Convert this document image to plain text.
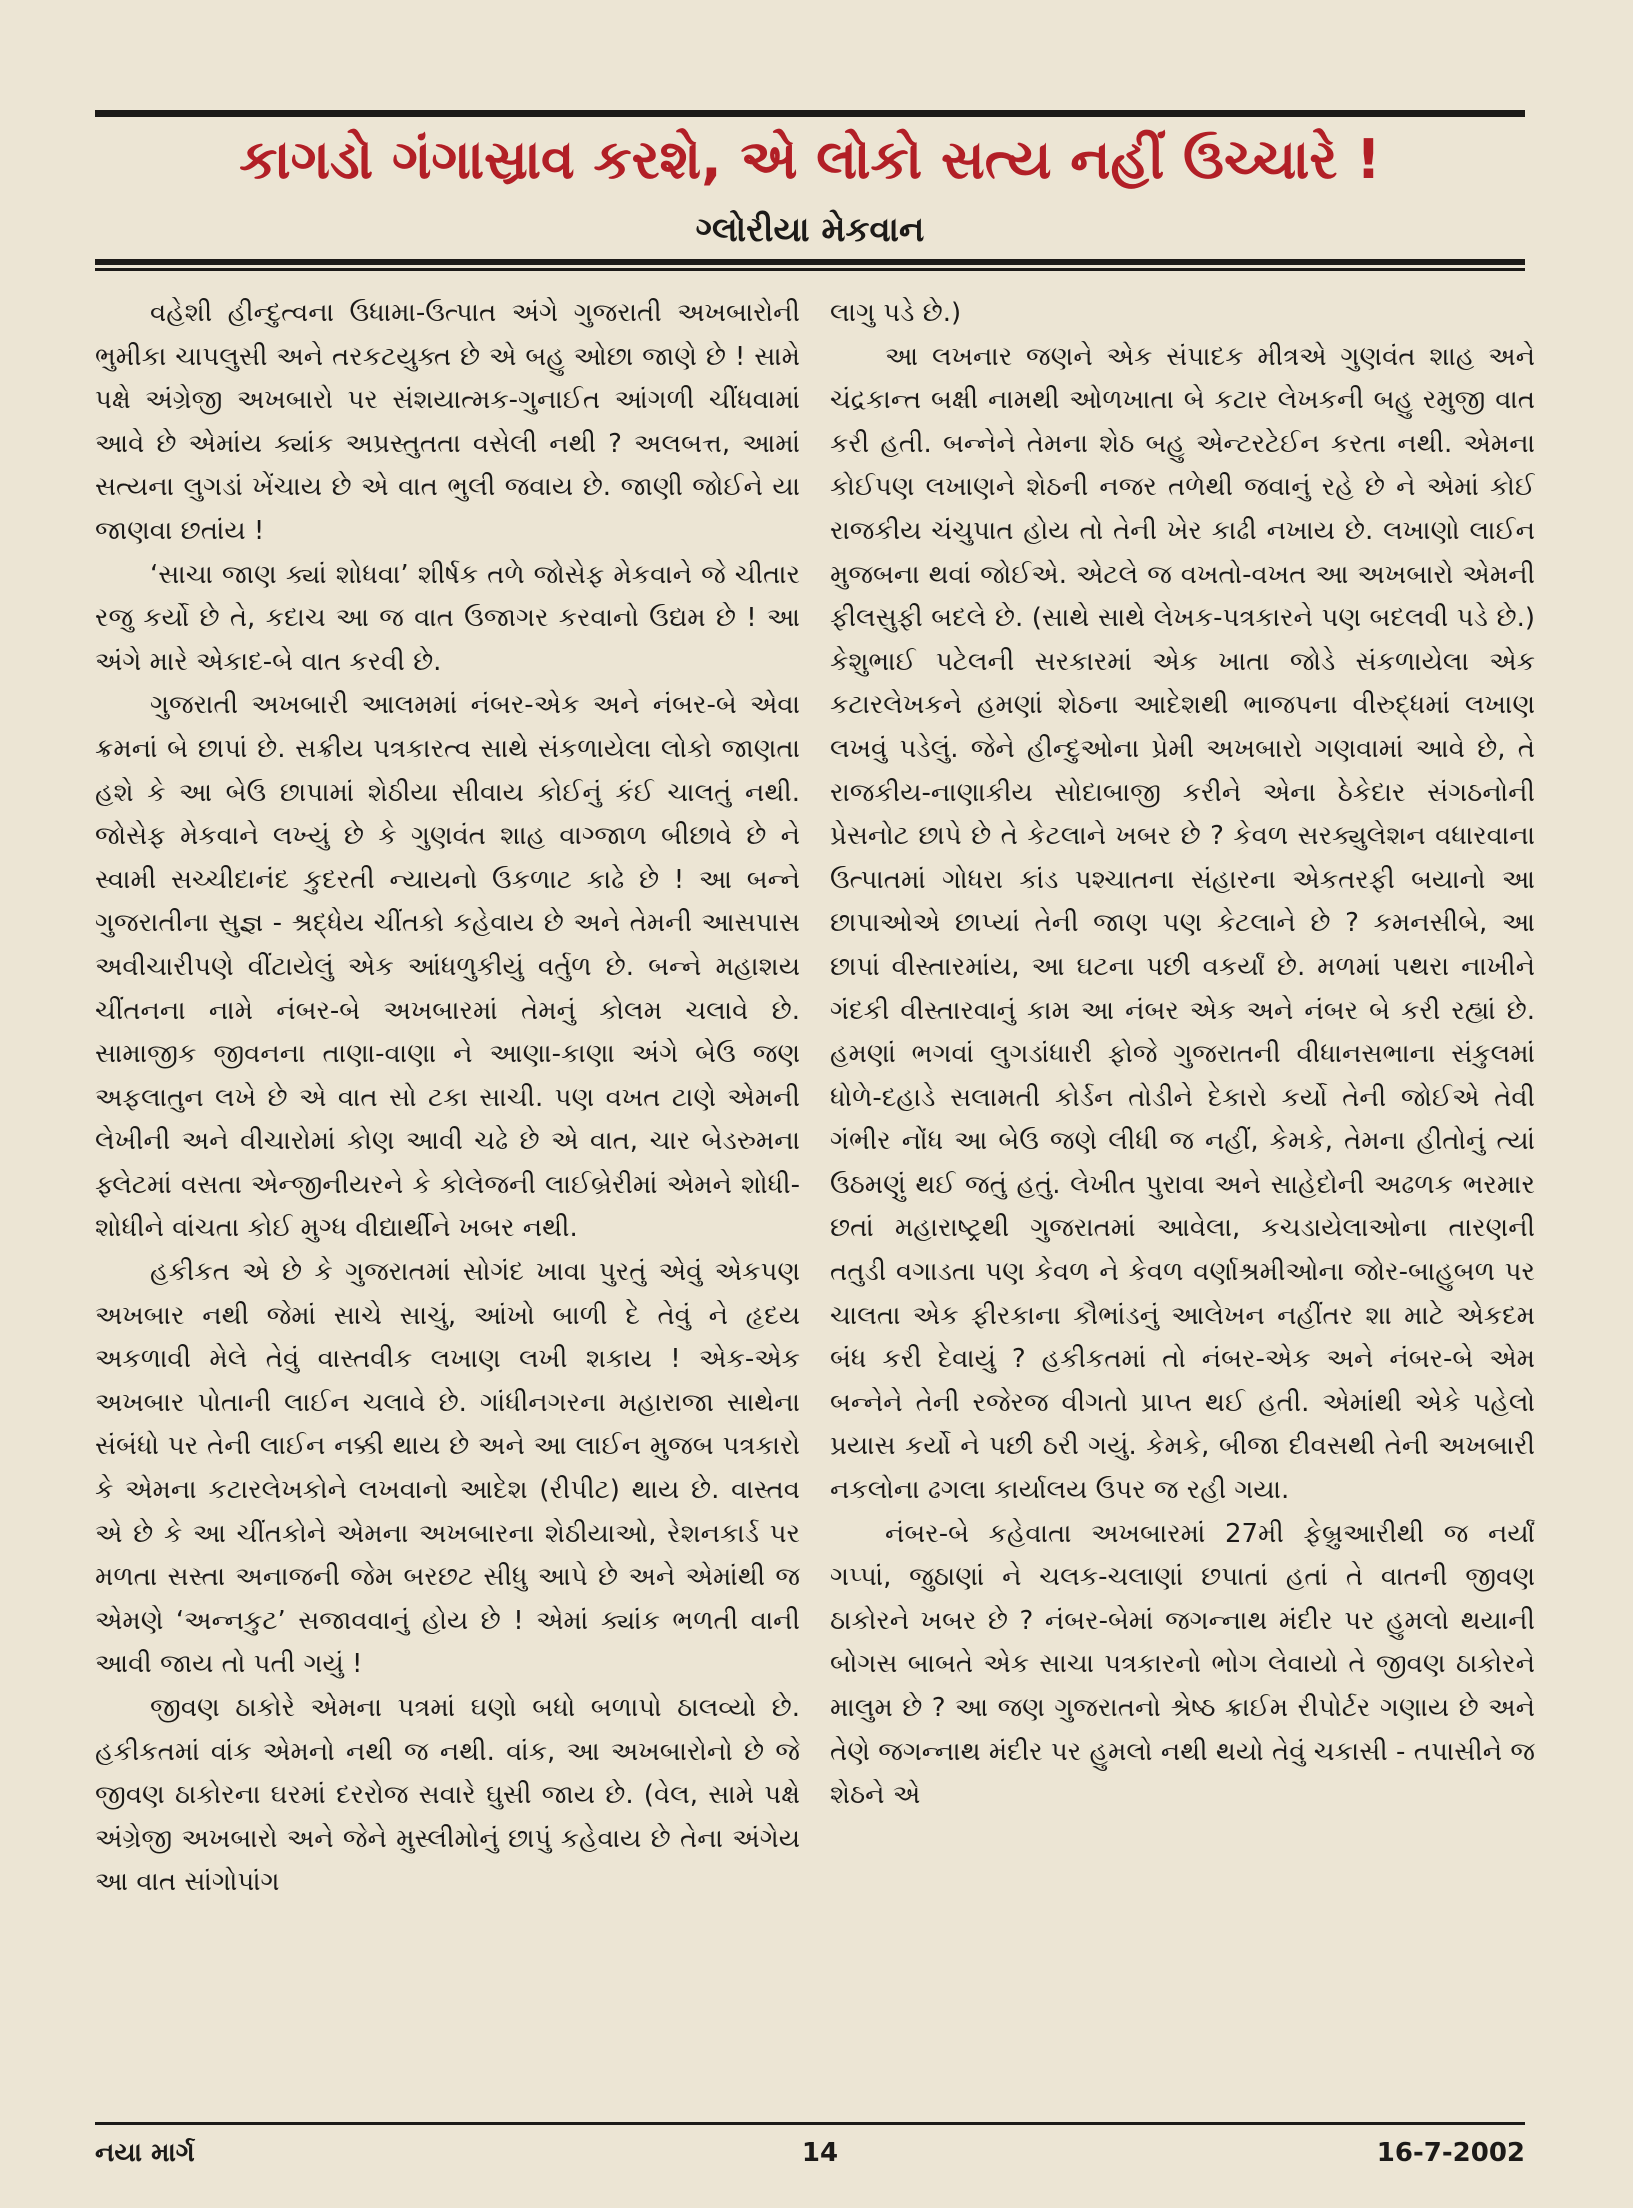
કાગડો ગંગાસ્રાવ કરશે, એ લોકો સત્ય નહીં ઉચ્ચારે !
ગ્લોરીયા મેકવાન

વહેશી હીન્દુત્વના ઉધામા-ઉત્પાત અંગે ગુજરાતી અખબારોની ભુમીકા ચાપલુસી અને તરકટયુક્ત છે એ બહુ ઓછા જાણે છે ! સામે પક્ષે અંગ્રેજી અખબારો પર સંશયાત્મક-ગુનાઈત આંગળી ચીંધવામાં આવે છે એમાંય ક્યાંક અપ્રસ્તુતતા વસેલી નથી ? અલબત્ત, આમાં સત્યના લુગડાં ખેંચાય છે એ વાત ભુલી જવાય છે. જાણી જોઈને યા જાણવા છતાંય !

‘સાચા જાણ ક્યાં શોધવા’ શીર્ષક તળે જોસેફ મેકવાને જે ચીતાર રજુ કર્યો છે તે, કદાચ આ જ વાત ઉજાગર કરવાનો ઉદ્યમ છે ! આ અંગે મારે એકાદ-બે વાત કરવી છે.

ગુજરાતી અખબારી આલમમાં નંબર-એક અને નંબર-બે એવા ક્રમનાં બે છાપાં છે. સક્રીય પત્રકારત્વ સાથે સંકળાયેલા લોકો જાણતા હશે કે આ બેઉ છાપામાં શેઠીયા સીવાય કોઈનું કંઈ ચાલતું નથી. જોસેફ મેકવાને લખ્યું છે કે ગુણવંત શાહ વાગ્જાળ બીછાવે છે ને સ્વામી સચ્ચીદાનંદ કુદરતી ન્યાયનો ઉકળાટ કાઢે છે ! આ બન્ને ગુજરાતીના સુજ્ઞ - શ્રદ્ધેય ચીંતકો કહેવાય છે અને તેમની આસપાસ અવીચારીપણે વીંટાયેલું એક આંધળુકીયું વર્તુળ છે. બન્ને મહાશય ચીંતનના નામે નંબર-બે અખબારમાં તેમનું કોલમ ચલાવે છે. સામાજીક જીવનના તાણા-વાણા ને આણા-કાણા અંગે બેઉ જણ અફલાતુન લખે છે એ વાત સો ટકા સાચી. પણ વખત ટાણે એમની લેખીની અને વીચારોમાં કોણ આવી ચઢે છે એ વાત, ચાર બેડરુમના ફ્લેટમાં વસતા એન્જીનીયરને કે કોલેજની લાઈબ્રેરીમાં એમને શોધી- શોધીને વાંચતા કોઈ મુગ્ધ વીદ્યાર્થીને ખબર નથી.

હકીકત એ છે કે ગુજરાતમાં સોગંદ ખાવા પુરતું એવું એકપણ અખબાર નથી જેમાં સાચે સાચું, આંખો બાળી દે તેવું ને હૃદય અકળાવી મેલે તેવું વાસ્તવીક લખાણ લખી શકાય ! એક-એક અખબાર પોતાની લાઈન ચલાવે છે. ગાંધીનગરના મહારાજા સાથેના સંબંધો પર તેની લાઈન નક્કી થાય છે અને આ લાઈન મુજબ પત્રકારો કે એમના કટારલેખકોને લખવાનો આદેશ (રીપીટ) થાય છે. વાસ્તવ એ છે કે આ ચીંતકોને એમના અખબારના શેઠીયાઓ, રેશનકાર્ડ પર મળતા સસ્તા અનાજની જેમ બરછટ સીધુ આપે છે અને એમાંથી જ એમણે ‘અન્નકુટ’ સજાવવાનું હોય છે ! એમાં ક્યાંક ભળતી વાની આવી જાય તો પતી ગયું !

જીવણ ઠાકોરે એમના પત્રમાં ઘણો બધો બળાપો ઠાલવ્યો છે. હકીકતમાં વાંક એમનો નથી જ નથી. વાંક, આ અખબારોનો છે જે જીવણ ઠાકોરના ઘરમાં દરરોજ સવારે ઘુસી જાય છે. (વેલ, સામે પક્ષે અંગ્રેજી અખબારો અને જેને મુસ્લીમોનું છાપું કહેવાય છે તેના અંગેય આ વાત સાંગોપાંગ

લાગુ પડે છે.)

આ લખનાર જણને એક સંપાદક મીત્રએ ગુણવંત શાહ અને ચંદ્રકાન્ત બક્ષી નામથી ઓળખાતા બે કટાર લેખકની બહુ રમુજી વાત કરી હતી. બન્નેને તેમના શેઠ બહુ એન્ટરટેઈન કરતા નથી. એમના કોઈપણ લખાણને શેઠની નજર તળેથી જવાનું રહે છે ને એમાં કોઈ રાજકીય ચંચુપાત હોય તો તેની ખેર કાઢી નખાય છે. લખાણો લાઈન મુજબના થવાં જોઈએ. એટલે જ વખતો-વખત આ અખબારો એમની ફીલસુફી બદલે છે. (સાથે સાથે લેખક-પત્રકારને પણ બદલવી પડે છે.) કેશુભાઈ પટેલની સરકારમાં એક ખાતા જોડે સંકળાયેલા એક કટારલેખકને હમણાં શેઠના આદેશથી ભાજપના વીરુદ્ધમાં લખાણ લખવું પડેલું. જેને હીન્દુઓના પ્રેમી અખબારો ગણવામાં આવે છે, તે રાજકીય-નાણાકીય સોદાબાજી કરીને એના ઠેકેદાર સંગઠનોની પ્રેસનોટ છાપે છે તે કેટલાને ખબર છે ? કેવળ સરક્યુલેશન વધારવાના ઉત્પાતમાં ગોધરા કાંડ પશ્ચાતના સંહારના એકતરફી બયાનો આ છાપાઓએ છાપ્યાં તેની જાણ પણ કેટલાને છે ? કમનસીબે, આ છાપાં વીસ્તારમાંય, આ ઘટના પછી વકર્યાં છે. મળમાં પથરા નાખીને ગંદકી વીસ્તારવાનું કામ આ નંબર એક અને નંબર બે કરી રહ્યાં છે. હમણાં ભગવાં લુગડાંધારી ફોજે ગુજરાતની વીધાનસભાના સંકુલમાં ધોળે-દહાડે સલામતી કોર્ડન તોડીને દેકારો કર્યો તેની જોઈએ તેવી ગંભીર નોંધ આ બેઉ જણે લીધી જ નહીં, કેમકે, તેમના હીતોનું ત્યાં ઉઠમણું થઈ જતું હતું. લેખીત પુરાવા અને સાહેદોની અઢળક ભરમાર છતાં મહારાષ્ટ્રથી ગુજરાતમાં આવેલા, કચડાયેલાઓના તારણની તતુડી વગાડતા પણ કેવળ ને કેવળ વર્ણાશ્રમીઓના જોર-બાહુબળ પર ચાલતા એક ફીરકાના કૌભાંડનું આલેખન નહીંતર શા માટે એકદમ બંધ કરી દેવાયું ? હકીકતમાં તો નંબર-એક અને નંબર-બે એમ બન્નેને તેની રજેરજ વીગતો પ્રાપ્ત થઈ હતી. એમાંથી એકે પહેલો પ્રયાસ કર્યો ને પછી ઠરી ગયું. કેમકે, બીજા દીવસથી તેની અખબારી નકલોના ઢગલા કાર્યાલય ઉપર જ રહી ગયા.

નંબર-બે કહેવાતા અખબારમાં 27મી ફેબ્રુઆરીથી જ નર્યાં ગપ્પાં, જુઠાણાં ને ચલક-ચલાણાં છપાતાં હતાં તે વાતની જીવણ ઠાકોરને ખબર છે ? નંબર-બેમાં જગન્નાથ મંદીર પર હુમલો થયાની બોગસ બાબતે એક સાચા પત્રકારનો ભોગ લેવાયો તે જીવણ ઠાકોરને માલુમ છે ? આ જણ ગુજરાતનો શ્રેષ્ઠ ક્રાઈમ રીપોર્ટર ગણાય છે અને તેણે જગન્નાથ મંદીર પર હુમલો નથી થયો તેવું ચકાસી - તપાસીને જ શેઠને એ

નયા માર્ગ	14	16-7-2002
